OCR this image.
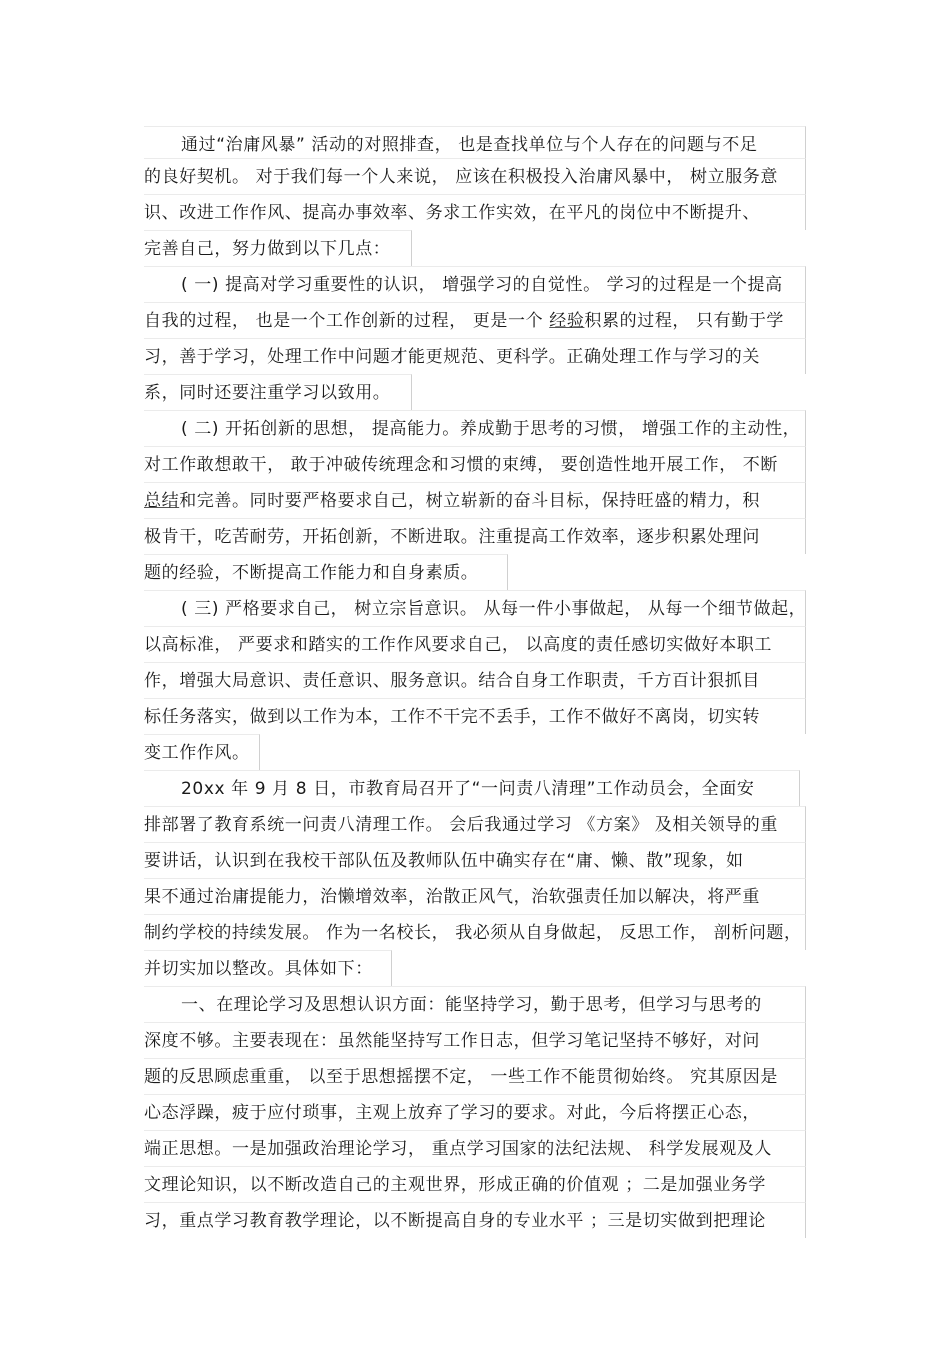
通过“治庸风暴” 活动的对照排查， 也是查找单位与个人存在的问题与不足
的良好契机。 对于我们每一个人来说， 应该在积极投入治庸风暴中， 树立服务意
识、改进工作作风、提高办事效率、务求工作实效，在平凡的岗位中不断提升、
完善自己，努力做到以下几点：
( 一) 提高对学习重要性的认识， 增强学习的自觉性。 学习的过程是一个提高
自我的过程， 也是一个工作创新的过程， 更是一个 经验积累的过程， 只有勤于学
习，善于学习，处理工作中问题才能更规范、更科学。正确处理工作与学习的关
系，同时还要注重学习以致用。
( 二) 开拓创新的思想， 提高能力。养成勤于思考的习惯， 增强工作的主动性，
对工作敢想敢干， 敢于冲破传统理念和习惯的束缚， 要创造性地开展工作， 不断
总结和完善。同时要严格要求自己，树立崭新的奋斗目标，保持旺盛的精力，积
极肯干，吃苦耐劳，开拓创新，不断进取。注重提高工作效率，逐步积累处理问
题的经验，不断提高工作能力和自身素质。
( 三) 严格要求自己， 树立宗旨意识。 从每一件小事做起， 从每一个细节做起，
以高标准， 严要求和踏实的工作作风要求自己， 以高度的责任感切实做好本职工
作，增强大局意识、责任意识、服务意识。结合自身工作职责，千方百计狠抓目
标任务落实，做到以工作为本，工作不干完不丢手，工作不做好不离岗，切实转
变工作作风。
20xx 年 9 月 8 日，市教育局召开了“一问责八清理”工作动员会，全面安
排部署了教育系统一问责八清理工作。 会后我通过学习 《方案》 及相关领导的重
要讲话，认识到在我校干部队伍及教师队伍中确实存在“庸、懒、散”现象，如
果不通过治庸提能力，治懒增效率，治散正风气，治软强责任加以解决，将严重
制约学校的持续发展。 作为一名校长， 我必须从自身做起， 反思工作， 剖析问题，
并切实加以整改。具体如下：
一、在理论学习及思想认识方面：能坚持学习，勤于思考，但学习与思考的
深度不够。主要表现在：虽然能坚持写工作日志，但学习笔记坚持不够好，对问
题的反思顾虑重重， 以至于思想摇摆不定， 一些工作不能贯彻始终。 究其原因是
心态浮躁，疲于应付琐事，主观上放弃了学习的要求。对此，今后将摆正心态，
端正思想。一是加强政治理论学习， 重点学习国家的法纪法规、 科学发展观及人
文理论知识，以不断改造自己的主观世界，形成正确的价值观 ；二是加强业务学
习，重点学习教育教学理论，以不断提高自身的专业水平 ；三是切实做到把理论
